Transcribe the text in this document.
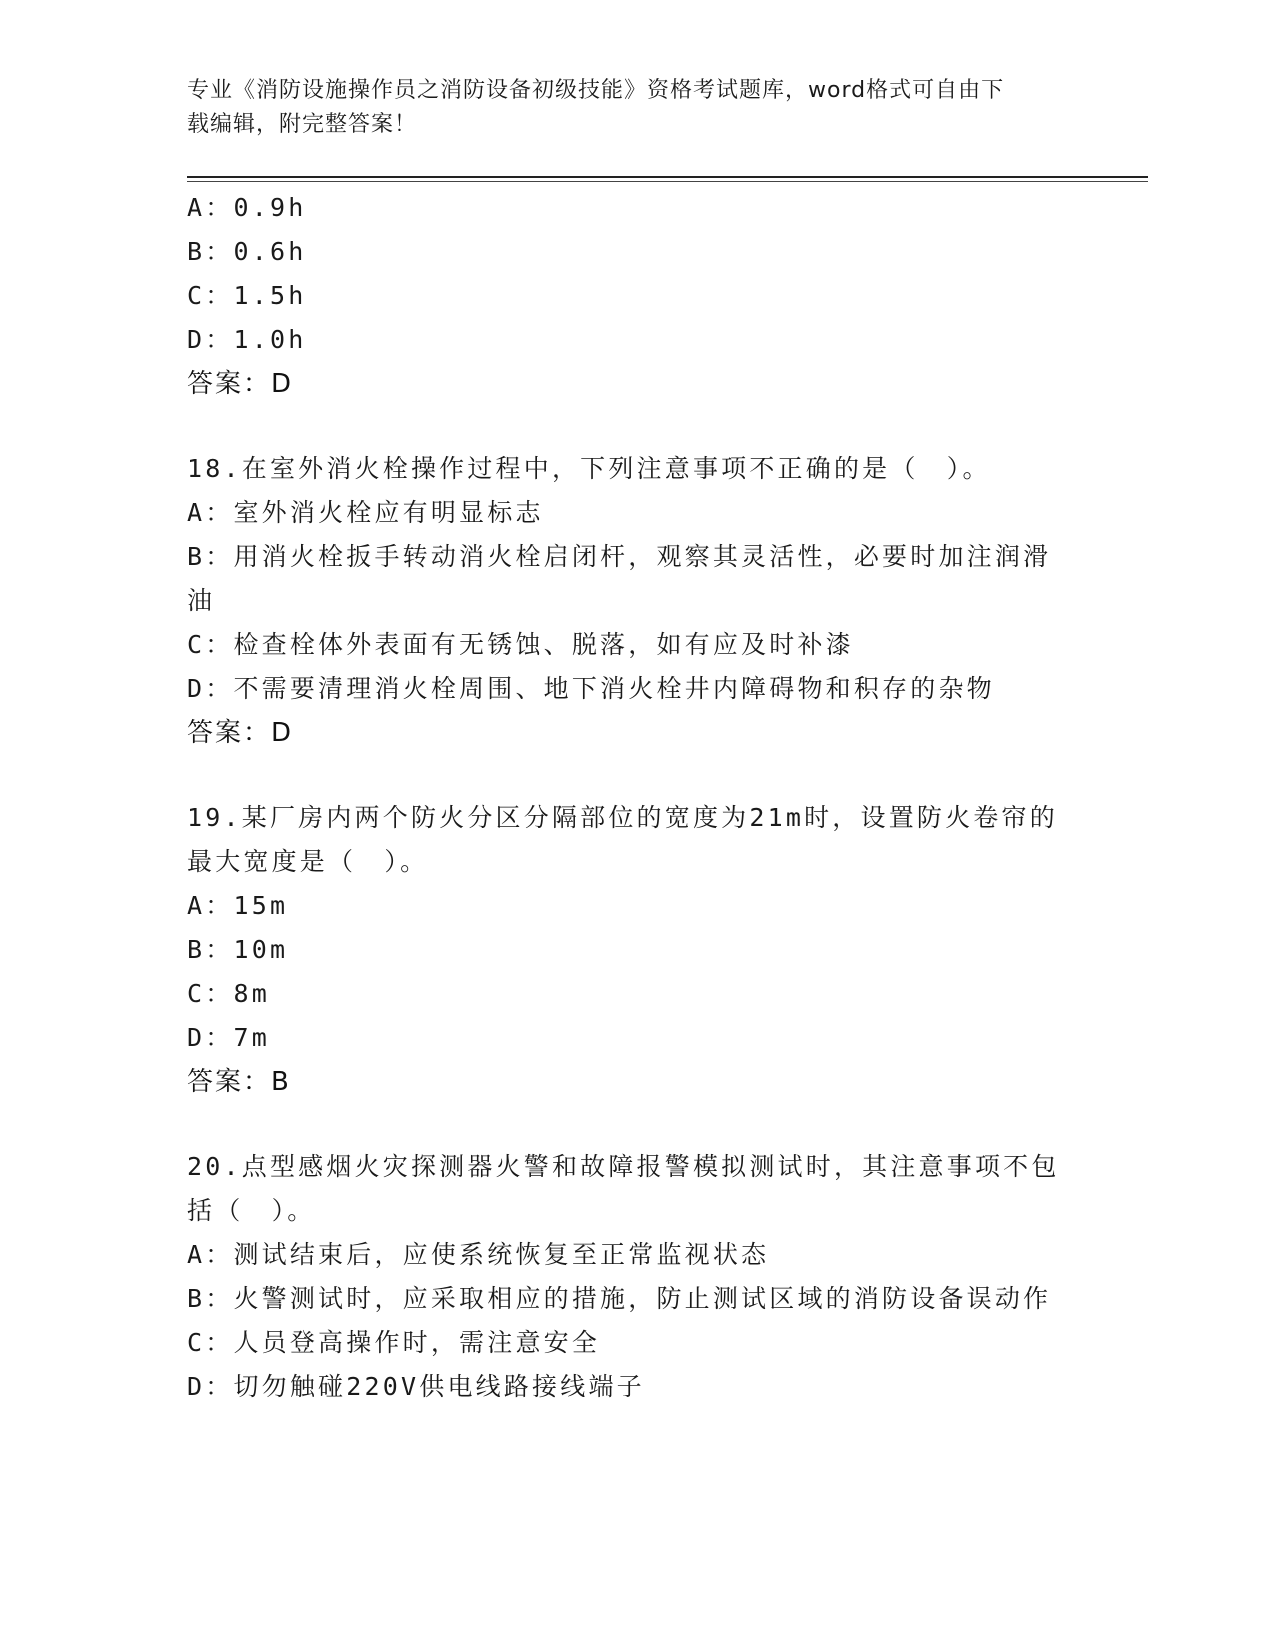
专业《消防设施操作员之消防设备初级技能》资格考试题库，word格式可自由下
载编辑，附完整答案！
A：0.9h
B：0.6h
C：1.5h
D：1.0h
答案：D
18.在室外消火栓操作过程中，下列注意事项不正确的是（　）。
A：室外消火栓应有明显标志
B：用消火栓扳手转动消火栓启闭杆，观察其灵活性，必要时加注润滑
油
C：检查栓体外表面有无锈蚀、脱落，如有应及时补漆
D：不需要清理消火栓周围、地下消火栓井内障碍物和积存的杂物
答案：D
19.某厂房内两个防火分区分隔部位的宽度为21m时，设置防火卷帘的
最大宽度是（　）。
A：15m
B：10m
C：8m
D：7m
答案：B
20.点型感烟火灾探测器火警和故障报警模拟测试时，其注意事项不包
括（　）。
A：测试结束后，应使系统恢复至正常监视状态
B：火警测试时，应采取相应的措施，防止测试区域的消防设备误动作
C：人员登高操作时，需注意安全
D：切勿触碰220V供电线路接线端子
